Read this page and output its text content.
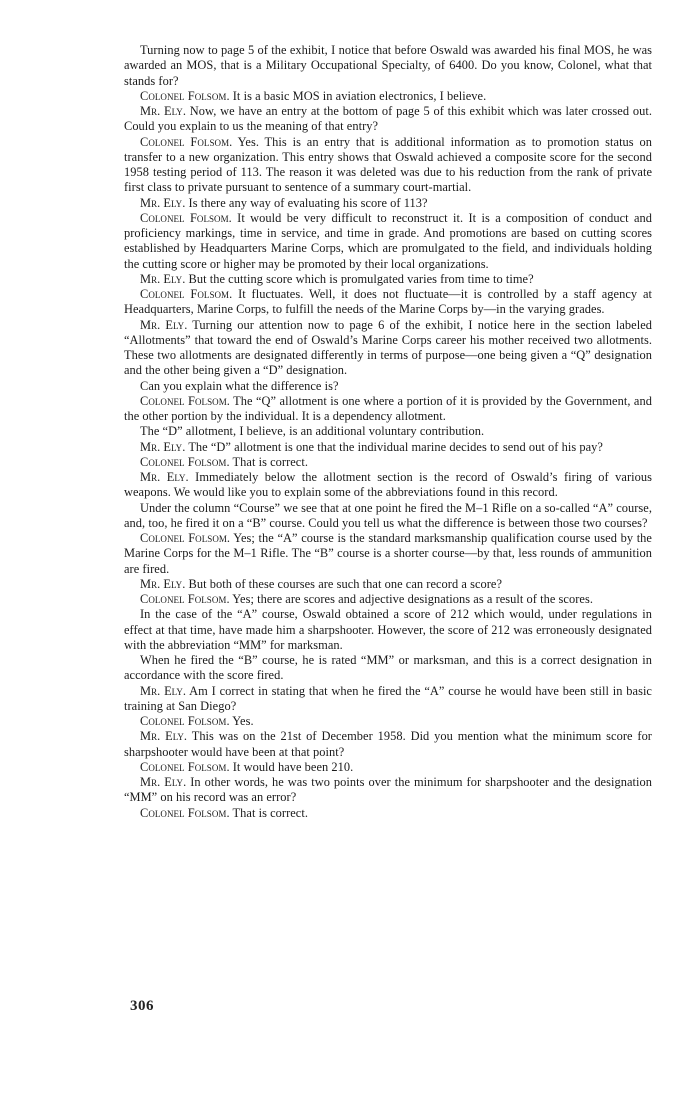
Turning now to page 5 of the exhibit, I notice that before Oswald was awarded his final MOS, he was awarded an MOS, that is a Military Occupational Specialty, of 6400. Do you know, Colonel, what that stands for?

Colonel Folsom. It is a basic MOS in aviation electronics, I believe.

Mr. Ely. Now, we have an entry at the bottom of page 5 of this exhibit which was later crossed out. Could you explain to us the meaning of that entry?

Colonel Folsom. Yes. This is an entry that is additional information as to promotion status on transfer to a new organization. This entry shows that Oswald achieved a composite score for the second 1958 testing period of 113. The reason it was deleted was due to his reduction from the rank of private first class to private pursuant to sentence of a summary court-martial.

Mr. Ely. Is there any way of evaluating his score of 113?

Colonel Folsom. It would be very difficult to reconstruct it. It is a composition of conduct and proficiency markings, time in service, and time in grade. And promotions are based on cutting scores established by Headquarters Marine Corps, which are promulgated to the field, and individuals holding the cutting score or higher may be promoted by their local organizations.

Mr. Ely. But the cutting score which is promulgated varies from time to time?

Colonel Folsom. It fluctuates. Well, it does not fluctuate—it is controlled by a staff agency at Headquarters, Marine Corps, to fulfill the needs of the Marine Corps by—in the varying grades.

Mr. Ely. Turning our attention now to page 6 of the exhibit, I notice here in the section labeled “Allotments” that toward the end of Oswald’s Marine Corps career his mother received two allotments. These two allotments are designated differently in terms of purpose—one being given a “Q” designation and the other being given a “D” designation.

Can you explain what the difference is?

Colonel Folsom. The “Q” allotment is one where a portion of it is provided by the Government, and the other portion by the individual. It is a dependency allotment.

The “D” allotment, I believe, is an additional voluntary contribution.

Mr. Ely. The “D” allotment is one that the individual marine decides to send out of his pay?

Colonel Folsom. That is correct.

Mr. Ely. Immediately below the allotment section is the record of Oswald’s firing of various weapons. We would like you to explain some of the abbreviations found in this record.

Under the column “Course” we see that at one point he fired the M–1 Rifle on a so-called “A” course, and, too, he fired it on a “B” course. Could you tell us what the difference is between those two courses?

Colonel Folsom. Yes; the “A” course is the standard marksmanship qualification course used by the Marine Corps for the M–1 Rifle. The “B” course is a shorter course—by that, less rounds of ammunition are fired.

Mr. Ely. But both of these courses are such that one can record a score?

Colonel Folsom. Yes; there are scores and adjective designations as a result of the scores.

In the case of the “A” course, Oswald obtained a score of 212 which would, under regulations in effect at that time, have made him a sharpshooter. However, the score of 212 was erroneously designated with the abbreviation “MM” for marksman.

When he fired the “B” course, he is rated “MM” or marksman, and this is a correct designation in accordance with the score fired.

Mr. Ely. Am I correct in stating that when he fired the “A” course he would have been still in basic training at San Diego?

Colonel Folsom. Yes.

Mr. Ely. This was on the 21st of December 1958. Did you mention what the minimum score for sharpshooter would have been at that point?

Colonel Folsom. It would have been 210.

Mr. Ely. In other words, he was two points over the minimum for sharpshooter and the designation “MM” on his record was an error?

Colonel Folsom. That is correct.

306
